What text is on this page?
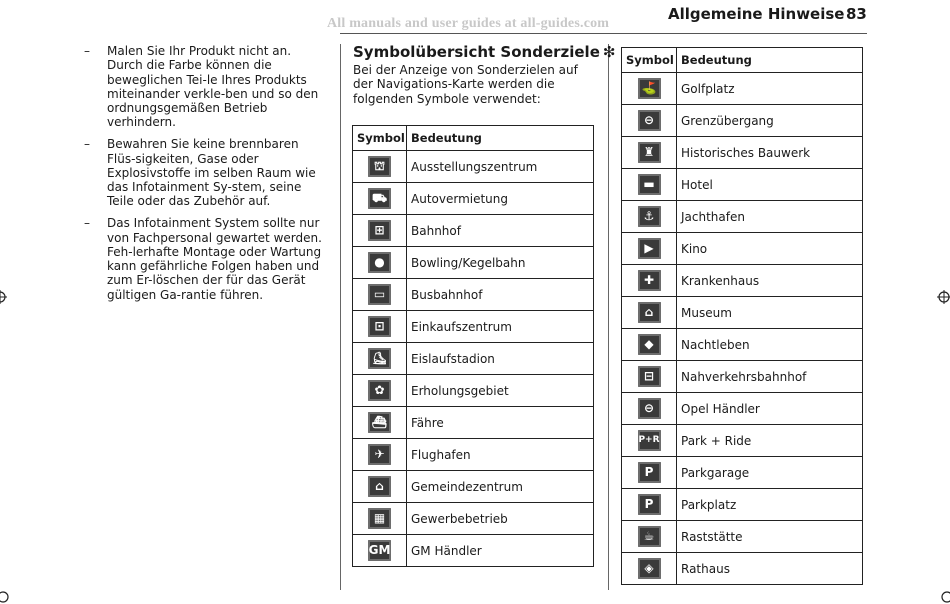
All manuals and user guides at all-guides.com
Allgemeine Hinweise 83
– Malen Sie Ihr Produkt nicht an. Durch die Farbe können die beweglichen Tei-le Ihres Produkts miteinander verkle-ben und so den ordnungsgemäßen Betrieb verhindern.
– Bewahren Sie keine brennbaren Flüs-sigkeiten, Gase oder Explosivstoffe im selben Raum wie das Infotainment Sy-stem, seine Teile oder das Zubehör auf.
– Das Infotainment System sollte nur von Fachpersonal gewartet werden. Feh-lerhafte Montage oder Wartung kann gefährliche Folgen haben und zum Er-löschen der für das Gerät gültigen Ga-rantie führen.
Symbolübersicht Sonderziele ❇
Bei der Anzeige von Sonderzielen auf der Navigations-Karte werden die folgenden Symbole verwendet:
Symbol	Bedeutung
⛫	Ausstellungszentrum
⛟	Autovermietung
⊞	Bahnhof
●	Bowling/Kegelbahn
▭	Busbahnhof
⊡	Einkaufszentrum
⛸	Eislaufstadion
✿	Erholungsgebiet
⛴	Fähre
✈	Flughafen
⌂	Gemeindezentrum
▦	Gewerbebetrieb
GM	GM Händler
Symbol	Bedeutung
⛳	Golfplatz
⊖	Grenzübergang
♜	Historisches Bauwerk
▬	Hotel
⚓	Jachthafen
▶	Kino
✚	Krankenhaus
⌂	Museum
◆	Nachtleben
⊟	Nahverkehrsbahnhof
⊖	Opel Händler
P+R	Park + Ride
P	Parkgarage
P	Parkplatz
☕	Raststätte
◈	Rathaus
